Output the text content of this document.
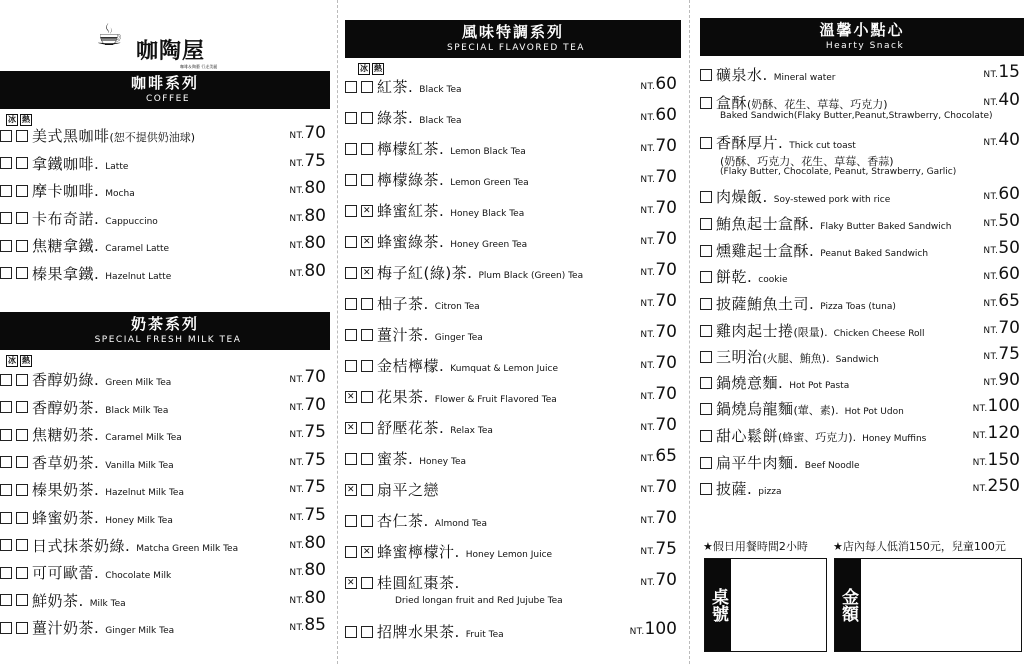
☕ 咖陶屋
咖啡＆陶藝 行走美麗
咖啡系列
COFFEE
冰 熱
美式黑咖啡(恕不提供奶油球)	NT.70
拿鐵咖啡. Latte	NT.75
摩卡咖啡. Mocha	NT.80
卡布奇諾. Cappuccino	NT.80
焦糖拿鐵. Caramel Latte	NT.80
榛果拿鐵. Hazelnut Latte	NT.80
奶茶系列
SPECIAL FRESH MILK TEA
冰 熱
香醇奶綠. Green Milk Tea	NT.70
香醇奶茶. Black Milk Tea	NT.70
焦糖奶茶. Caramel Milk Tea	NT.75
香草奶茶. Vanilla Milk Tea	NT.75
榛果奶茶. Hazelnut Milk Tea	NT.75
蜂蜜奶茶. Honey Milk Tea	NT.75
日式抹茶奶綠. Matcha Green Milk Tea	NT.80
可可歐蕾. Chocolate Milk	NT.80
鮮奶茶. Milk Tea	NT.80
薑汁奶茶. Ginger Milk Tea	NT.85
風味特調系列
SPECIAL FLAVORED TEA
冰 熱
紅茶. Black Tea	NT.60
綠茶. Black Tea	NT.60
檸檬紅茶. Lemon Black Tea	NT.70
檸檬綠茶. Lemon Green Tea	NT.70
✕蜂蜜紅茶. Honey Black Tea	NT.70
✕蜂蜜綠茶. Honey Green Tea	NT.70
✕梅子紅(綠)茶. Plum Black (Green) Tea	NT.70
柚子茶. Citron Tea	NT.70
薑汁茶. Ginger Tea	NT.70
金桔檸檬. Kumquat & Lemon Juice	NT.70
✕花果茶. Flower & Fruit Flavored Tea	NT.70
✕舒壓花茶. Relax Tea	NT.70
蜜茶. Honey Tea	NT.65
✕扇平之戀	NT.70
杏仁茶. Almond Tea	NT.70
✕蜂蜜檸檬汁. Honey Lemon Juice	NT.75
✕桂圓紅棗茶.	NT.70
招牌水果茶. Fruit Tea	NT.100
Dried longan fruit and Red Jujube Tea
溫馨小點心
Hearty Snack
礦泉水. Mineral water	NT.15
盒酥(奶酥、花生、草莓、巧克力)	NT.40
香酥厚片. Thick cut toast	NT.40
肉燥飯. Soy-stewed pork with rice	NT.60
鮪魚起士盒酥. Flaky Butter Baked Sandwich	NT.50
燻雞起士盒酥. Peanut Baked Sandwich	NT.50
餅乾. cookie	NT.60
披薩鮪魚土司. Pizza Toas (tuna)	NT.65
雞肉起士捲(限量). Chicken Cheese Roll	NT.70
三明治(火腿、鮪魚). Sandwich	NT.75
鍋燒意麵. Hot Pot Pasta	NT.90
鍋燒烏龍麵(葷、素). Hot Pot Udon	NT.100
甜心鬆餅(蜂蜜、巧克力). Honey Muffins	NT.120
扁平牛肉麵. Beef Noodle	NT.150
披薩. pizza	NT.250
Baked Sandwich(Flaky Butter,Peanut,Strawberry, Chocolate)
(奶酥、巧克力、花生、草莓、香蒜)
(Flaky Butter, Chocolate, Peanut, Strawberry, Garlic)
★假日用餐時間2小時 ★店內每人低消150元，兒童100元
桌號	金額
